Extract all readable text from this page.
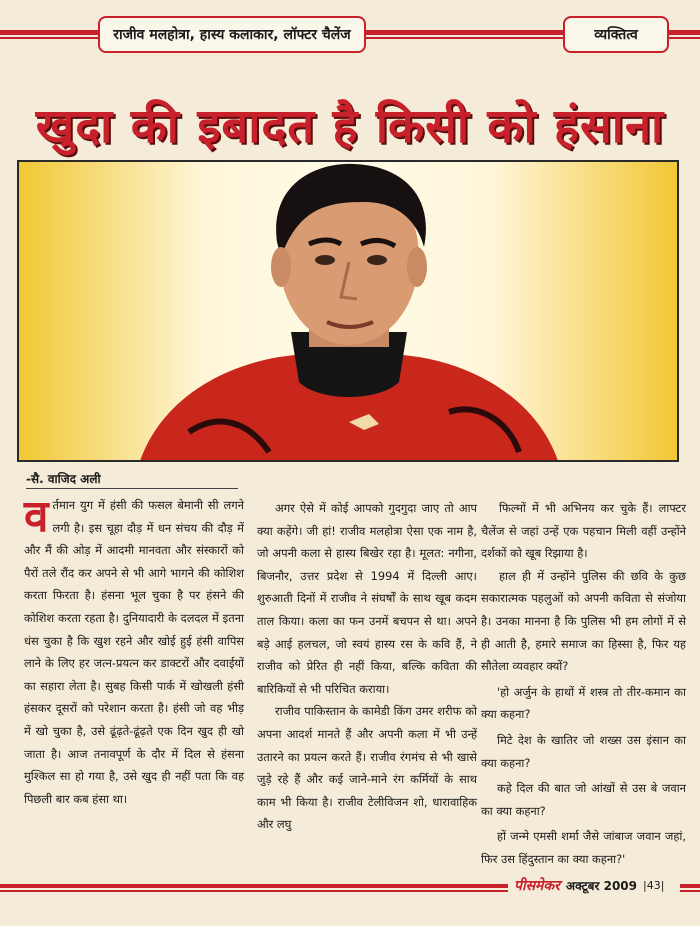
राजीव मलहोत्रा, हास्य कलाकार, लॉफ्टर चैलेंज	व्यक्तित्व
खुदा की इबादत है किसी को हंसाना
-सै. वाजिद अली

वर्तमान युग में हंसी की फसल बेमानी सी लगने लगी है। इस चूहा दौड़ में धन संचय की दौड़ में और मैं की ओड़ में आदमी मानवता और संस्कारों को पैरों तले रौंद कर अपने से भी आगे भागने की कोशिश करता फिरता है। हंसना भूल चुका है पर हंसने की कोशिश करता रहता है। दुनियादारी के दलदल में इतना धंस चुका है कि खुश रहने और खोई हुई हंसी वापिस लाने के लिए हर जत्न-प्रयत्न कर डाक्टरों और दवाईयों का सहारा लेता है। सुबह किसी पार्क में खोखली हंसी हंसकर दूसरों को परेशान करता है। हंसी जो वह भीड़ में खो चुका है, उसे ढूंढ़ते-ढूंढ़ते एक दिन खुद ही खो जाता है। आज तनावपूर्ण के दौर में दिल से हंसना मुश्किल सा हो गया है, उसे खुद ही नहीं पता कि वह पिछली बार कब हंसा था।

अगर ऐसे में कोई आपको गुदगुदा जाए तो आप क्या कहेंगे। जी हां! राजीव मलहोत्रा ऐसा एक नाम है, जो अपनी कला से हास्य बिखेर रहा है। मूलत: नगीना, बिजनौर, उत्तर प्रदेश से 1994 में दिल्ली आए। शुरुआती दिनों में राजीव ने संघर्षों के साथ खूब कदम ताल किया। कला का फन उनमें बचपन से था। अपने बड़े आई हलचल, जो स्वयं हास्य रस के कवि हैं, ने राजीव को प्रेरित ही नहीं किया, बल्कि कविता की बारिकियों से भी परिचित कराया।

राजीव पाकिस्तान के कामेडी किंग उमर शरीफ को अपना आदर्श मानते हैं और अपनी कला में भी उन्हें उतारने का प्रयत्न करते हैं। राजीव रंगमंच से भी खासे जुड़े रहे हैं और कई जाने-माने रंग कर्मियों के साथ काम भी किया है। राजीव टेलीविजन शो, धारावाहिक और लघु

फिल्मों में भी अभिनय कर चुके हैं। लाफ्टर चैलेंज से जहां उन्हें एक पहचान मिली वहीं उन्होंने दर्शकों को खूब रिझाया है।

हाल ही में उन्होंने पुलिस की छवि के कुछ सकारात्मक पहलुओं को अपनी कविता से संजोया है। उनका मानना है कि पुलिस भी हम लोगों में से ही आती है, हमारे समाज का हिस्सा है, फिर यह सौतेला व्यवहार क्यों?

'हो अर्जुन के हाथों में शस्त्र तो तीर-कमान का क्या कहना?

मिटे देश के खातिर जो शख्स उस इंसान का क्या कहना?

कहे दिल की बात जो आंखों से उस बे जवान का क्या कहना?

हों जन्मे एमसी शर्मा जैसे जांबाज जवान जहां, फिर उस हिंदुस्तान का क्या कहना?'

पीसमेकर अक्टूबर 2009 |43|
